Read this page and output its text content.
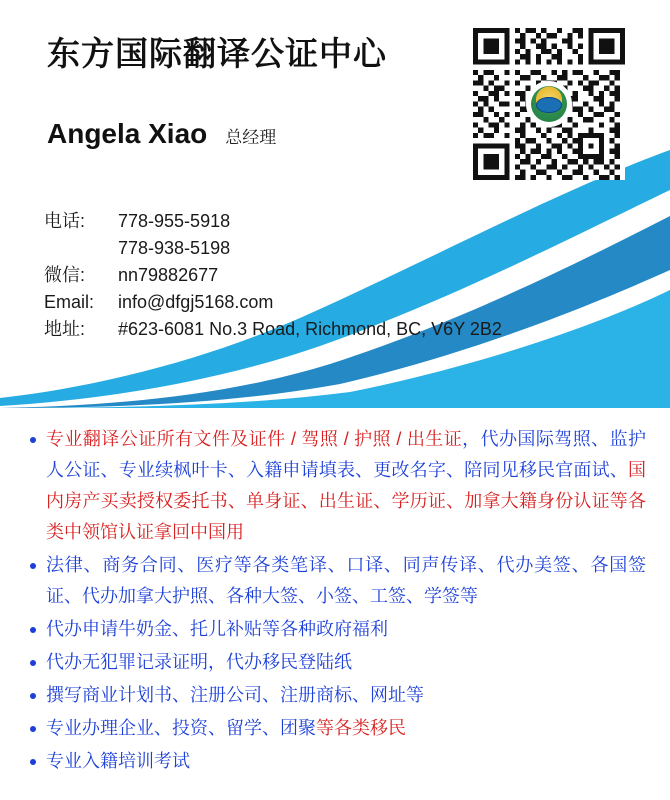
东方国际翻译公证中心
Angela Xiao 总经理
电话:	778-955-5918
778-938-5198
微信:	nn79882677
Email:	info@dfgj5168.com
地址:	#623-6081 No.3 Road, Richmond, BC, V6Y 2B2
专业翻译公证所有文件及证件 / 驾照 / 护照 / 出生证，代办国际驾照、监护人公证、专业续枫叶卡、入籍申请填表、更改名字、陪同见移民官面试、国内房产买卖授权委托书、单身证、出生证、学历证、加拿大籍身份认证等各类中领馆认证拿回中国用
法律、商务合同、医疗等各类笔译、口译、同声传译、代办美签、各国签证、代办加拿大护照、各种大签、小签、工签、学签等
代办申请牛奶金、托儿补贴等各种政府福利
代办无犯罪记录证明，代办移民登陆纸
撰写商业计划书、注册公司、注册商标、网址等
专业办理企业、投资、留学、团聚等各类移民
专业入籍培训考试
